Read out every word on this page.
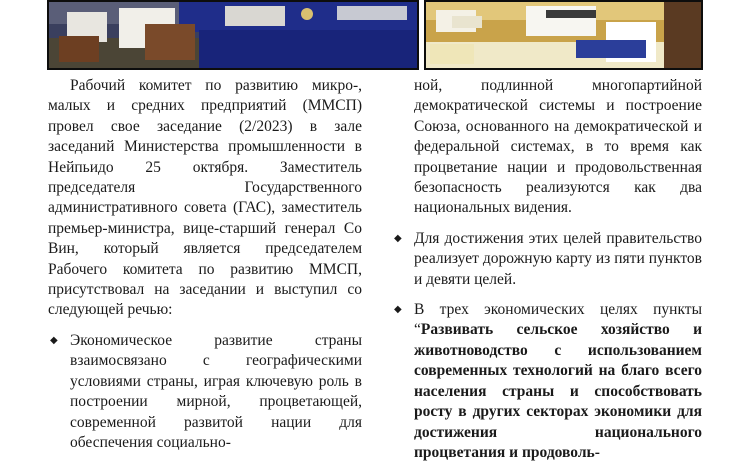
Рабочий комитет по развитию микро-, малых и средних предприятий (ММСП) провел свое заседание (2/2023) в зале заседаний Министерства промышленности в Нейпьидо 25 октября. Заместитель председателя Государственного административного совета (ГАС), заместитель премьер-министра, вице-старший генерал Со Вин, который является председателем Рабочего комитета по развитию ММСП, присутствовал на заседании и выступил со следующей речью:

◆ Экономическое развитие страны взаимосвязано с географическими условиями страны, играя ключевую роль в построении мирной, процветающей, современной развитой нации для обеспечения социально-

ной, подлинной многопартийной демократической системы и построение Союза, основанного на демократической и федеральной системах, в то время как процветание нации и продовольственная безопасность реализуются как два национальных видения.

◆ Для достижения этих целей правительство реализует дорожную карту из пяти пунктов и девяти целей.

◆ В трех экономических целях пункты “Развивать сельское хозяйство и животноводство с использованием современных технологий на благо всего населения страны и способствовать росту в других секторах экономики для достижения национального процветания и продоволь-
